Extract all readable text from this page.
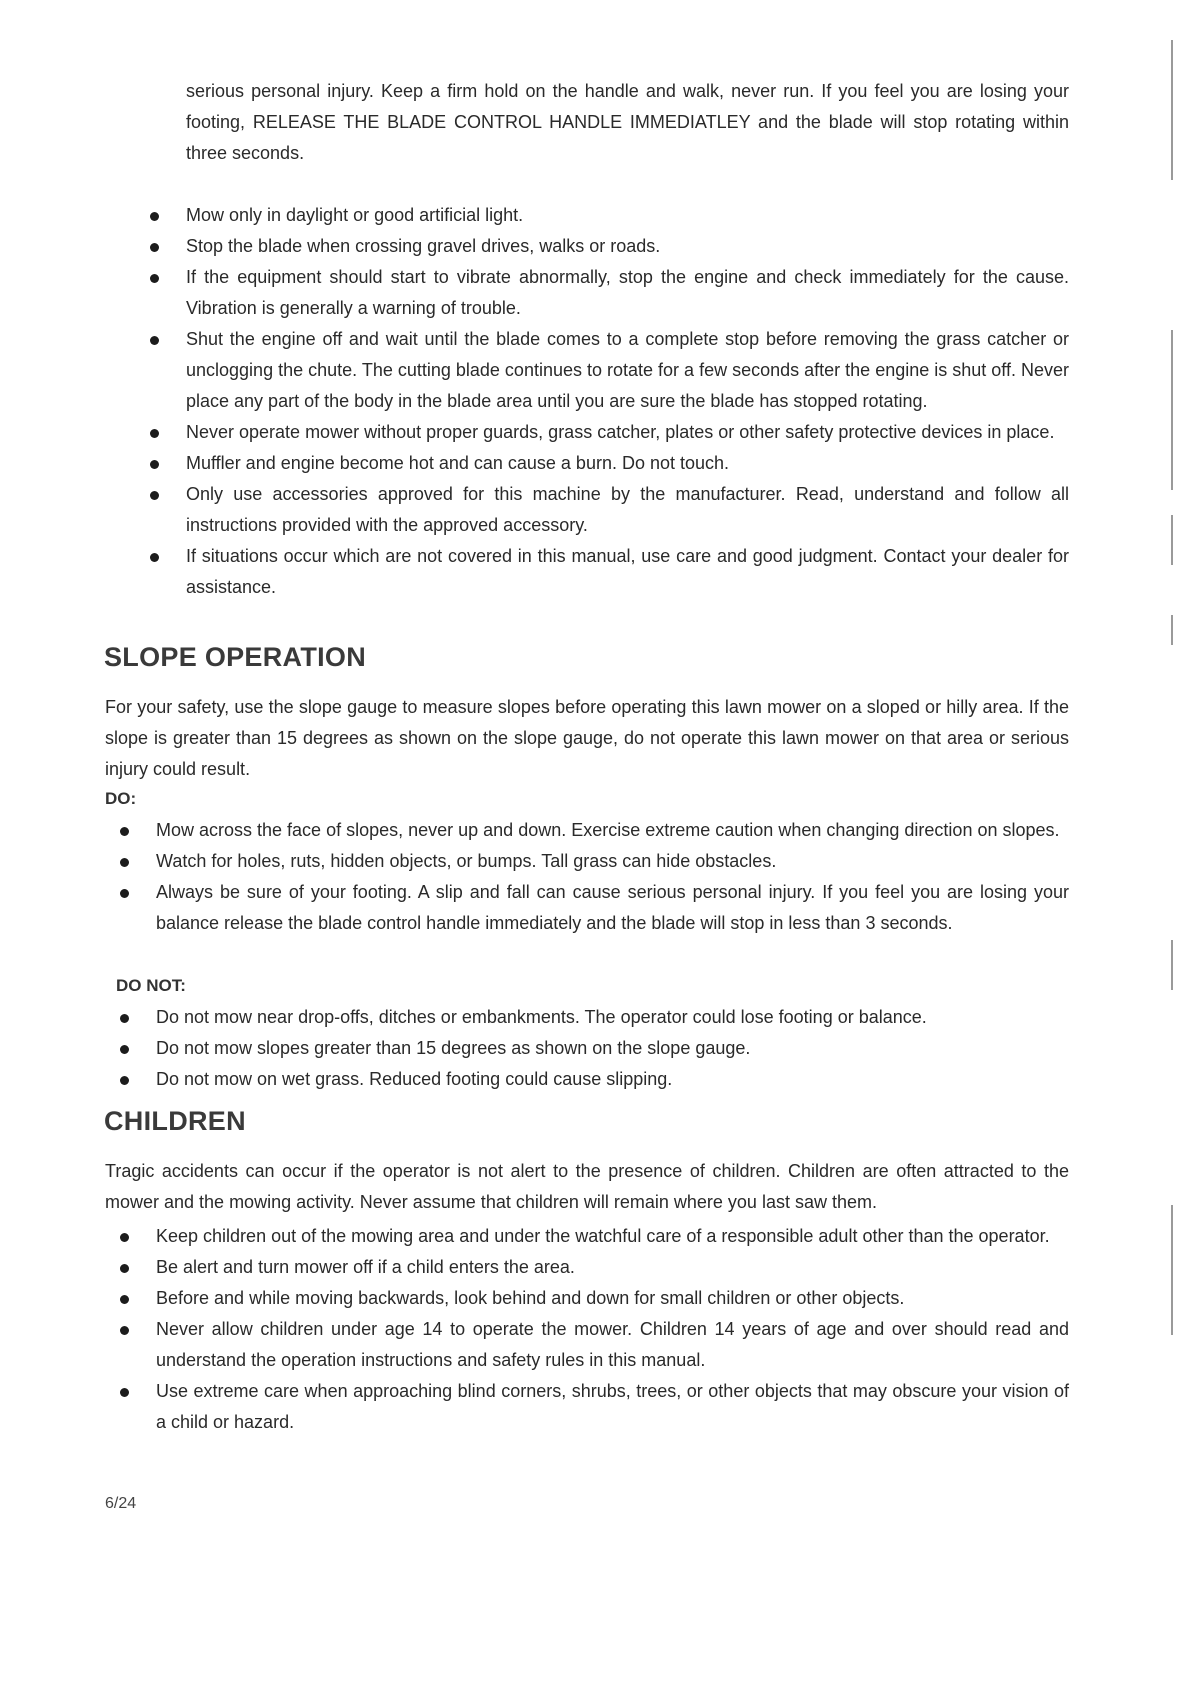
serious personal injury. Keep a firm hold on the handle and walk, never run. If you feel you are losing your footing, RELEASE THE BLADE CONTROL HANDLE IMMEDIATLEY and the blade will stop rotating within three seconds.

Mow only in daylight or good artificial light.
Stop the blade when crossing gravel drives, walks or roads.
If the equipment should start to vibrate abnormally, stop the engine and check immediately for the cause. Vibration is generally a warning of trouble.
Shut the engine off and wait until the blade comes to a complete stop before removing the grass catcher or unclogging the chute. The cutting blade continues to rotate for a few seconds after the engine is shut off. Never place any part of the body in the blade area until you are sure the blade has stopped rotating.
Never operate mower without proper guards, grass catcher, plates or other safety protective devices in place.
Muffler and engine become hot and can cause a burn. Do not touch.
Only use accessories approved for this machine by the manufacturer. Read, understand and follow all instructions provided with the approved accessory.
If situations occur which are not covered in this manual, use care and good judgment. Contact your dealer for assistance.
SLOPE OPERATION

For your safety, use the slope gauge to measure slopes before operating this lawn mower on a sloped or hilly area. If the slope is greater than 15 degrees as shown on the slope gauge, do not operate this lawn mower on that area or serious injury could result.

DO:

Mow across the face of slopes, never up and down. Exercise extreme caution when changing direction on slopes.
Watch for holes, ruts, hidden objects, or bumps. Tall grass can hide obstacles.
Always be sure of your footing. A slip and fall can cause serious personal injury. If you feel you are losing your balance release the blade control handle immediately and the blade will stop in less than 3 seconds.

DO NOT:

Do not mow near drop-offs, ditches or embankments. The operator could lose footing or balance.
Do not mow slopes greater than 15 degrees as shown on the slope gauge.
Do not mow on wet grass. Reduced footing could cause slipping.
CHILDREN

Tragic accidents can occur if the operator is not alert to the presence of children. Children are often attracted to the mower and the mowing activity. Never assume that children will remain where you last saw them.

Keep children out of the mowing area and under the watchful care of a responsible adult other than the operator.
Be alert and turn mower off if a child enters the area.
Before and while moving backwards, look behind and down for small children or other objects.
Never allow children under age 14 to operate the mower. Children 14 years of age and over should read and understand the operation instructions and safety rules in this manual.
Use extreme care when approaching blind corners, shrubs, trees, or other objects that may obscure your vision of a child or hazard.
6/24
